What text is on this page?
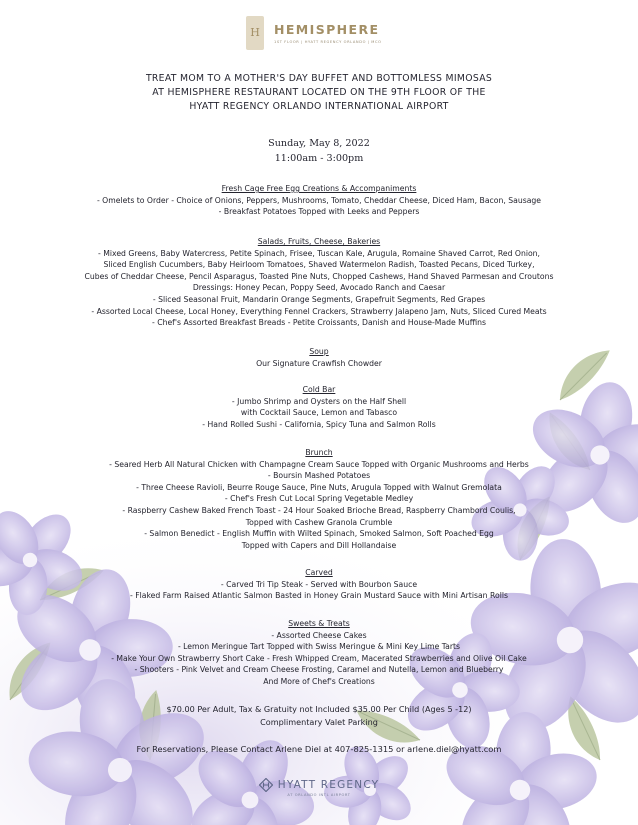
H HEMISPHERE
1ST FLOOR | HYATT REGENCY ORLANDO | MCO
TREAT MOM TO A MOTHER'S DAY BUFFET AND BOTTOMLESS MIMOSAS
AT HEMISPHERE RESTAURANT LOCATED ON THE 9TH FLOOR OF THE
HYATT REGENCY ORLANDO INTERNATIONAL AIRPORT
Sunday, May 8, 2022
11:00am - 3:00pm
Fresh Cage Free Egg Creations & Accompaniments
- Omelets to Order - Choice of Onions, Peppers, Mushrooms, Tomato, Cheddar Cheese, Diced Ham, Bacon, Sausage
- Breakfast Potatoes Topped with Leeks and Peppers
Salads, Fruits, Cheese, Bakeries
- Mixed Greens, Baby Watercress, Petite Spinach, Frisee, Tuscan Kale, Arugula, Romaine Shaved Carrot, Red Onion,
Sliced English Cucumbers, Baby Heirloom Tomatoes, Shaved Watermelon Radish, Toasted Pecans, Diced Turkey,
Cubes of Cheddar Cheese, Pencil Asparagus, Toasted Pine Nuts, Chopped Cashews, Hand Shaved Parmesan and Croutons
Dressings: Honey Pecan, Poppy Seed, Avocado Ranch and Caesar
- Sliced Seasonal Fruit, Mandarin Orange Segments, Grapefruit Segments, Red Grapes
- Assorted Local Cheese, Local Honey, Everything Fennel Crackers, Strawberry Jalapeno Jam, Nuts, Sliced Cured Meats
- Chef's Assorted Breakfast Breads - Petite Croissants, Danish and House-Made Muffins
Soup
Our Signature Crawfish Chowder
Cold Bar
- Jumbo Shrimp and Oysters on the Half Shell
with Cocktail Sauce, Lemon and Tabasco
- Hand Rolled Sushi - California, Spicy Tuna and Salmon Rolls
Brunch
- Seared Herb All Natural Chicken with Champagne Cream Sauce Topped with Organic Mushrooms and Herbs
- Boursin Mashed Potatoes
- Three Cheese Ravioli, Beurre Rouge Sauce, Pine Nuts, Arugula Topped with Walnut Gremolata
- Chef's Fresh Cut Local Spring Vegetable Medley
- Raspberry Cashew Baked French Toast - 24 Hour Soaked Brioche Bread, Raspberry Chambord Coulis,
Topped with Cashew Granola Crumble
- Salmon Benedict - English Muffin with Wilted Spinach, Smoked Salmon, Soft Poached Egg
Topped with Capers and Dill Hollandaise
Carved
- Carved Tri Tip Steak - Served with Bourbon Sauce
- Flaked Farm Raised Atlantic Salmon Basted in Honey Grain Mustard Sauce with Mini Artisan Rolls
Sweets & Treats
- Assorted Cheese Cakes
- Lemon Meringue Tart Topped with Swiss Meringue & Mini Key Lime Tarts
- Make Your Own Strawberry Short Cake - Fresh Whipped Cream, Macerated Strawberries and Olive Oil Cake
- Shooters - Pink Velvet and Cream Cheese Frosting, Caramel and Nutella, Lemon and Blueberry
And More of Chef's Creations
$70.00 Per Adult, Tax & Gratuity not Included $35.00 Per Child (Ages 5 -12)
Complimentary Valet Parking
For Reservations, Please Contact Arlene Diel at 407-825-1315 or arlene.diel@hyatt.com
HYATT REGENCY
AT ORLANDO INTL AIRPORT
